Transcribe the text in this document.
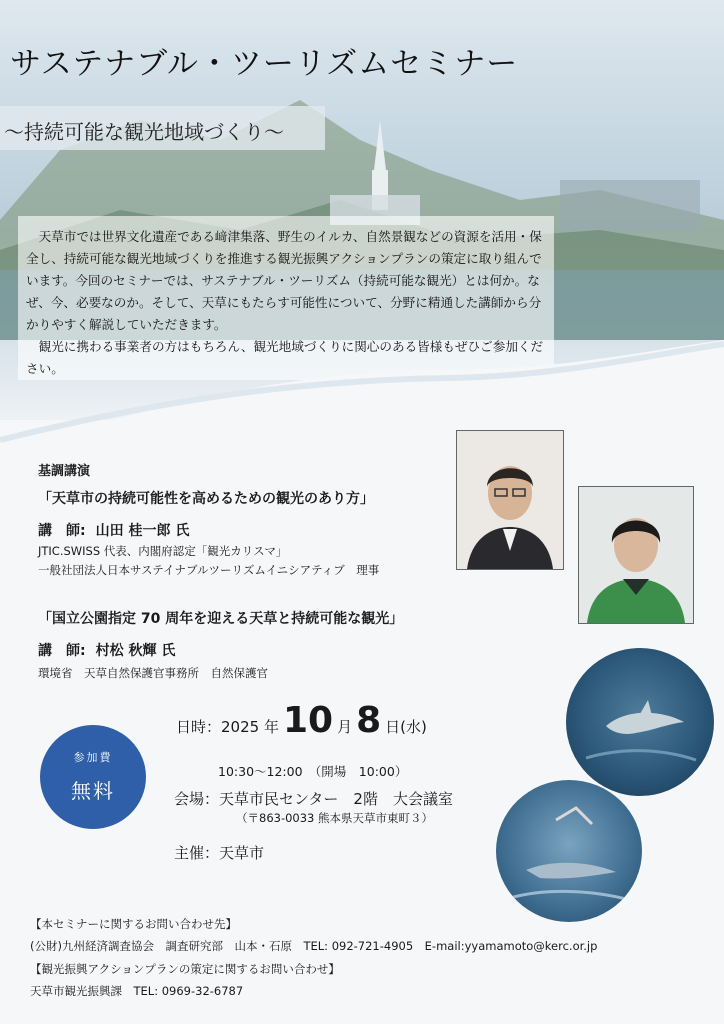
サステナブル・ツーリズムセミナー
〜持続可能な観光地域づくり〜

天草市では世界文化遺産である﨑津集落、野生のイルカ、自然景観などの資源を活用・保全し、持続可能な観光地域づくりを推進する観光振興アクションプランの策定に取り組んでいます。今回のセミナーでは、サステナブル・ツーリズム（持続可能な観光）とは何か。なぜ、今、必要なのか。そして、天草にもたらす可能性について、分野に精通した講師から分かりやすく解説していただきます。

観光に携わる事業者の方はもちろん、観光地域づくりに関心のある皆様もぜひご参加ください。

基調講演
「天草市の持続可能性を高めるための観光のあり方」
講　師: 山田 桂一郎 氏
JTIC.SWISS 代表、内閣府認定「観光カリスマ」
一般社団法人日本サステイナブルツーリズムイニシアティブ　理事
「国立公園指定 70 周年を迎える天草と持続可能な観光」
講　師: 村松 秋輝 氏
環境省　天草自然保護官事務所　自然保護官
日時：2025 年 10 月 8 日(水)
10:30〜12:00　（開場　10:00）
会場：天草市民センター　2階　大会議室
（〒863-0033 熊本県天草市東町３）
主催：天草市
参加費
無料
【本セミナーに関するお問い合わせ先】
(公財)九州経済調査協会　調査研究部　山本・石原　TEL: 092-721-4905　E-mail:yyamamoto@kerc.or.jp
【観光振興アクションプランの策定に関するお問い合わせ】
天草市観光振興課　TEL: 0969-32-6787
